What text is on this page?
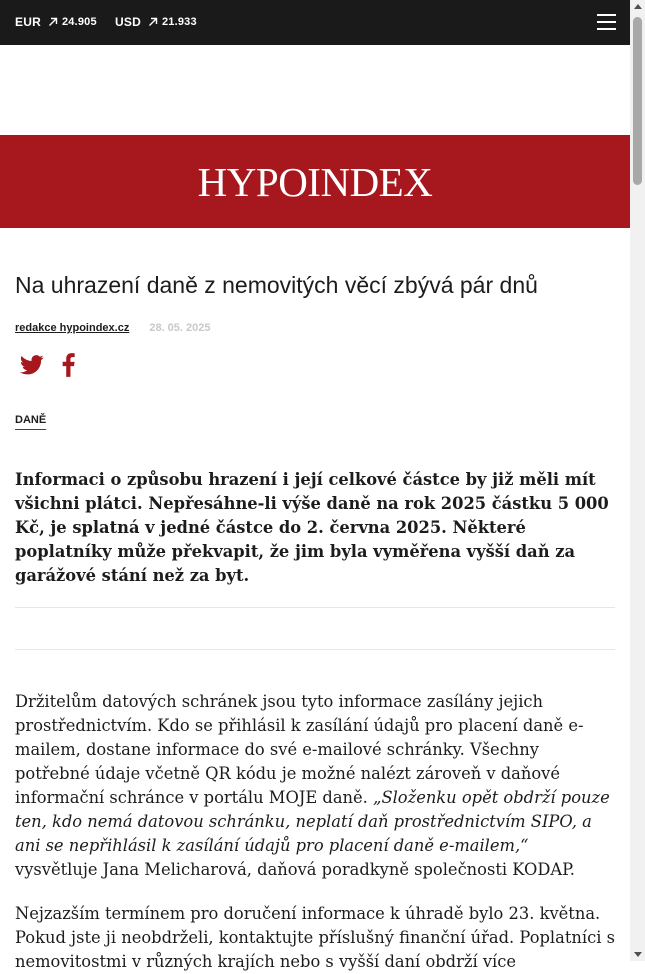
EUR 24.905 USD 21.933
HYPOINDEX
Na uhrazení daně z nemovitých věcí zbývá pár dnů
redakce hypoindex.cz 28. 05. 2025
DANĚ

Informaci o způsobu hrazení i její celkové částce by již měli mít všichni plátci. Nepřesáhne-li výše daně na rok 2025 částku 5 000 Kč, je splatná v jedné částce do 2. června 2025. Některé poplatníky může překvapit, že jim byla vyměřena vyšší daň za garážové stání než za byt.

Držitelům datových schránek jsou tyto informace zasílány jejich prostřednictvím. Kdo se přihlásil k zasílání údajů pro placení daně e-mailem, dostane informace do své e-mailové schránky. Všechny potřebné údaje včetně QR kódu je možné nalézt zároveň v daňové informační schránce v portálu MOJE daně. „Složenku opět obdrží pouze ten, kdo nemá datovou schránku, neplatí daň prostřednictvím SIPO, a ani se nepřihlásil k zasílání údajů pro placení daně e-mailem,“ vysvětluje Jana Melicharová, daňová poradkyně společnosti KODAP.

Nejzazším termínem pro doručení informace k úhradě bylo 23. května. Pokud jste ji neobdrželi, kontaktujte příslušný finanční úřad. Poplatníci s nemovitostmi v různých krajích nebo s vyšší daní obdrží více
